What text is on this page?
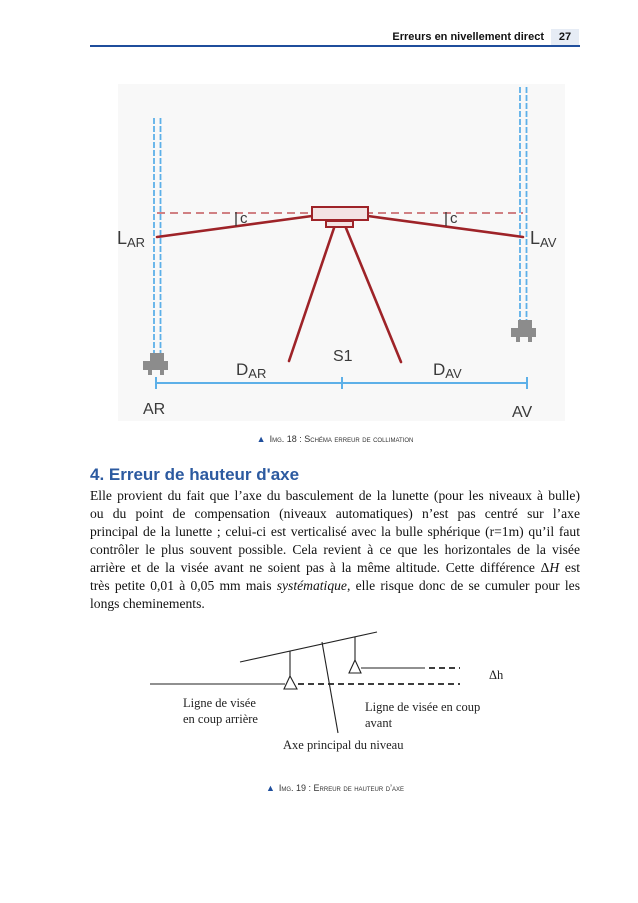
Erreurs en nivellement direct	27
c	c
LAR	LAV
S1
DAR	DAV
AR	AV
▲ Img. 18 : Schéma erreur de collimation
4. Erreur de hauteur d'axe
Elle provient du fait que l’axe du basculement de la lunette (pour les niveaux à bulle)
ou du point de compensation (niveaux automatiques) n’est pas centré sur l’axe
principal de la lunette ; celui-ci est verticalisé avec la bulle sphérique (r=1m) qu’il faut
contrôler le plus souvent possible. Cela revient à ce que les horizontales de la visée
arrière et de la visée avant ne soient pas à la même altitude. Cette différence ΔH est
très petite 0,01 à 0,05 mm mais systématique, elle risque donc de se cumuler pour les
longs cheminements.
Δh
Ligne de visée
en coup arrière
Ligne de visée en coup
avant
Axe principal du niveau
▲ Img. 19 : Erreur de hauteur d’axe
